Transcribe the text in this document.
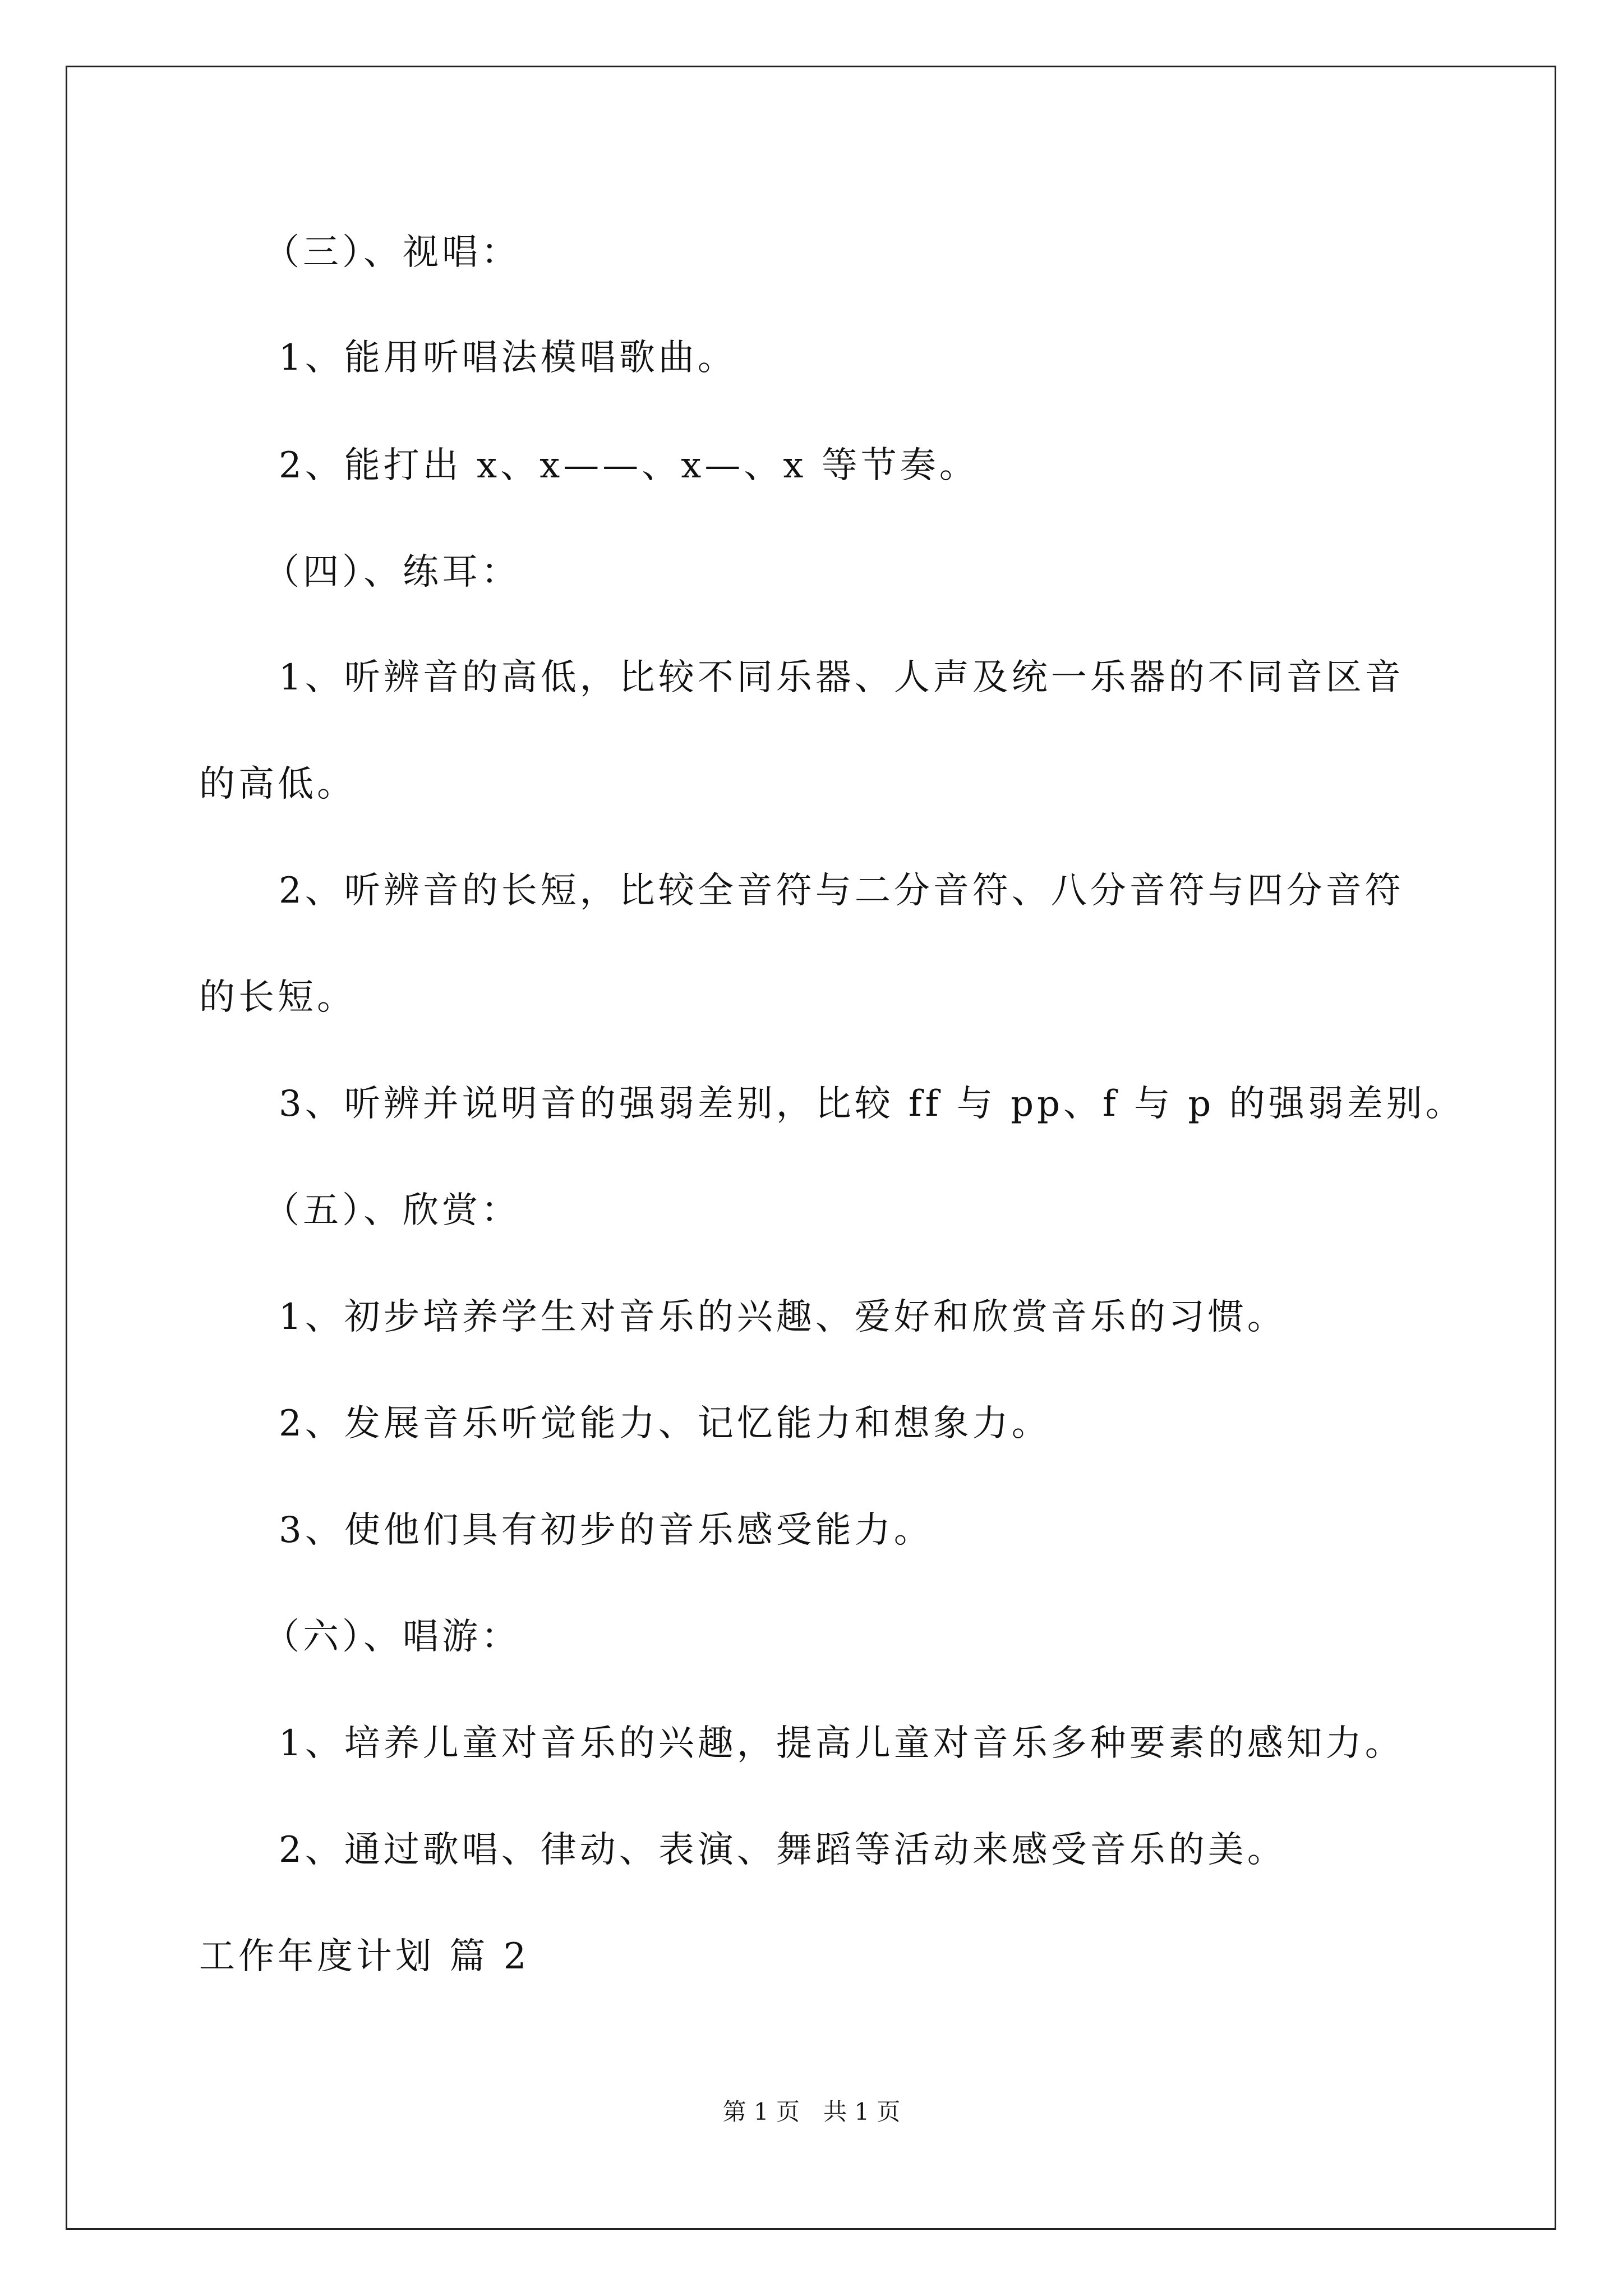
（三）、视唱：
1、能用听唱法模唱歌曲。
2、能打出 x、x——、x—、x 等节奏。
（四）、练耳：
1、听辨音的高低，比较不同乐器、人声及统一乐器的不同音区音
的高低。
2、听辨音的长短，比较全音符与二分音符、八分音符与四分音符
的长短。
3、听辨并说明音的强弱差别，比较 ff 与 pp、f 与 p 的强弱差别。
（五）、欣赏：
1、初步培养学生对音乐的兴趣、爱好和欣赏音乐的习惯。
2、发展音乐听觉能力、记忆能力和想象力。
3、使他们具有初步的音乐感受能力。
（六）、唱游：
1、培养儿童对音乐的兴趣，提高儿童对音乐多种要素的感知力。
2、通过歌唱、律动、表演、舞蹈等活动来感受音乐的美。
工作年度计划 篇 2
第 1 页　共 1 页
